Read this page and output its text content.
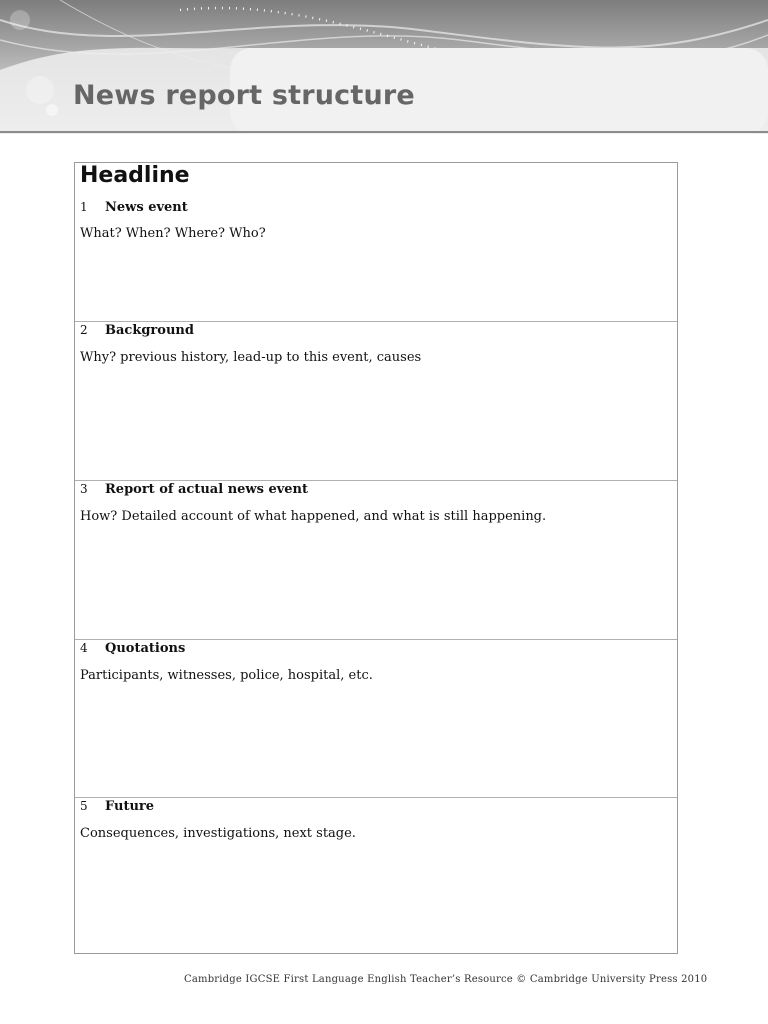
News report structure
Headline
1	News event
What? When? Where? Who?
2	Background
Why? previous history, lead-up to this event, causes
3	Report of actual news event
How? Detailed account of what happened, and what is still happening.
4	Quotations
Participants, witnesses, police, hospital, etc.
5	Future
Consequences, investigations, next stage.
Cambridge IGCSE First Language English Teacher’s Resource © Cambridge University Press 2010
